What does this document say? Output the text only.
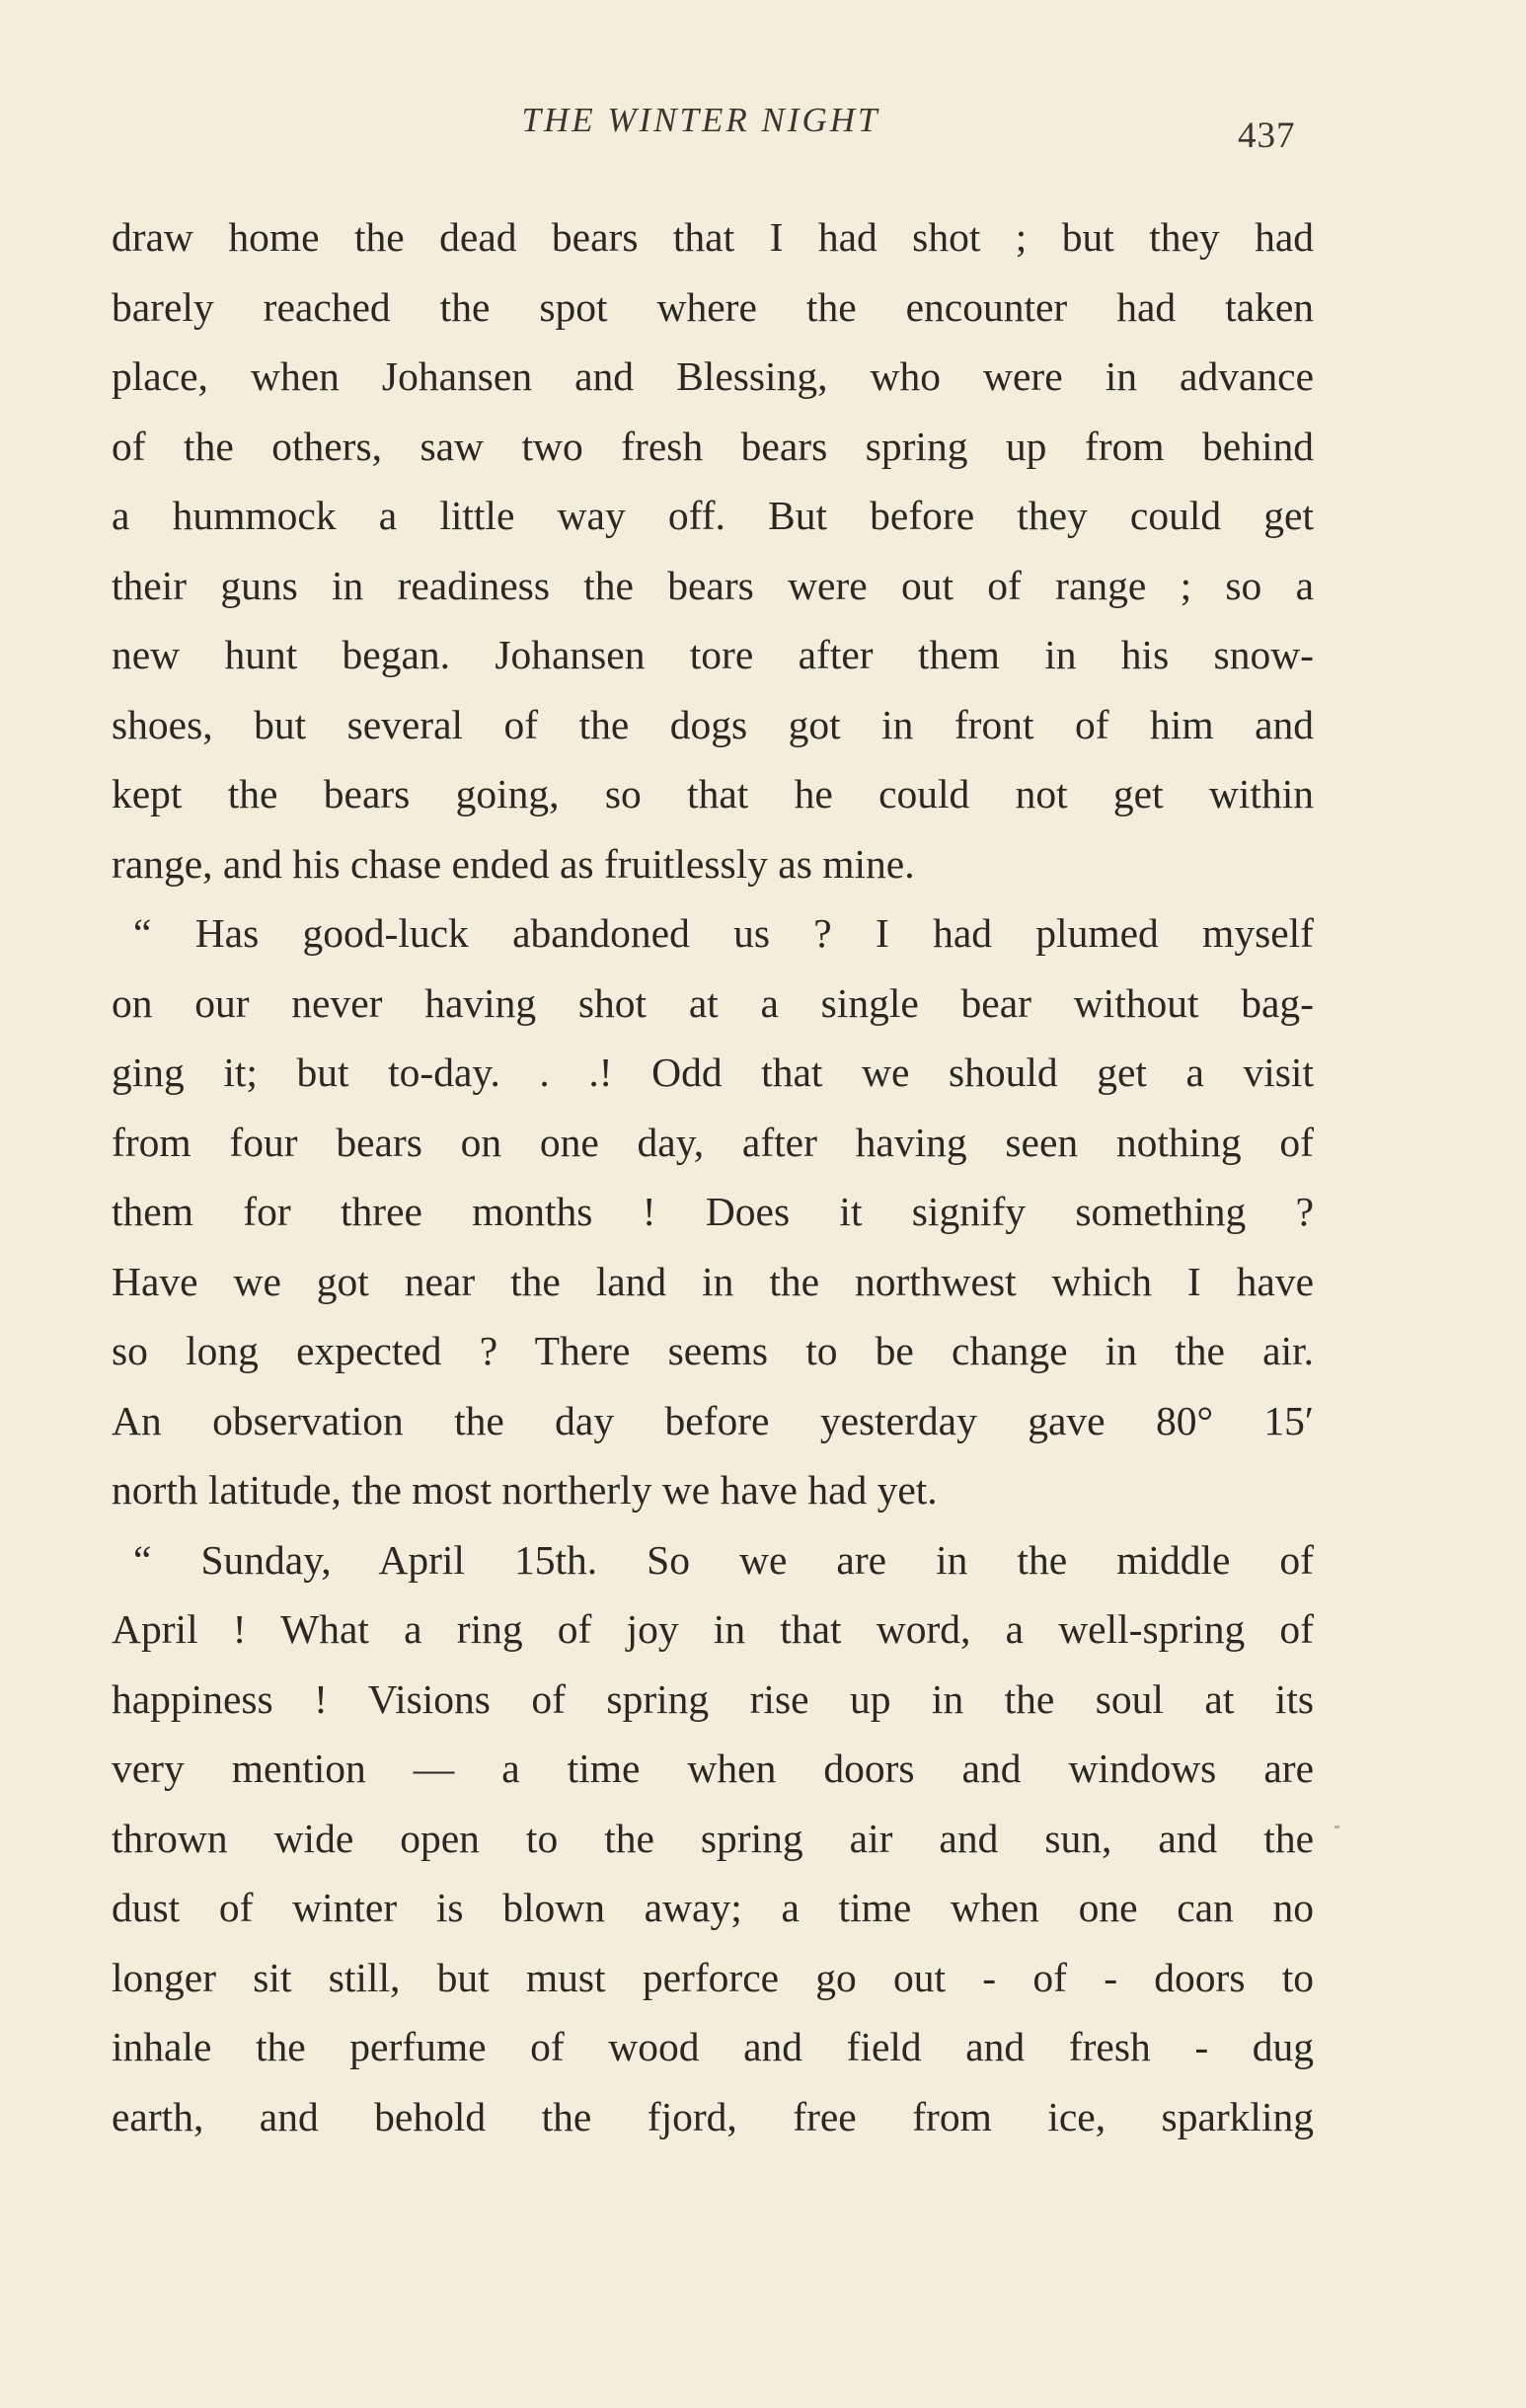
THE WINTER NIGHT	437
draw home the dead bears that I had shot ; but they had
barely reached the spot where the encounter had taken
place, when Johansen and Blessing, who were in advance
of the others, saw two fresh bears spring up from behind
a hummock a little way off. But before they could get
their guns in readiness the bears were out of range ; so a
new hunt began. Johansen tore after them in his snow-
shoes, but several of the dogs got in front of him and
kept the bears going, so that he could not get within
range, and his chase ended as fruitlessly as mine.
“ Has good-luck abandoned us ? I had plumed myself
on our never having shot at a single bear without bag-
ging it; but to-day. . .! Odd that we should get a visit
from four bears on one day, after having seen nothing of
them for three months ! Does it signify something ?
Have we got near the land in the northwest which I have
so long expected ? There seems to be change in the air.
An observation the day before yesterday gave 80° 15′
north latitude, the most northerly we have had yet.
“ Sunday, April 15th. So we are in the middle of
April ! What a ring of joy in that word, a well-spring of
happiness ! Visions of spring rise up in the soul at its
very mention — a time when doors and windows are
thrown wide open to the spring air and sun, and the
dust of winter is blown away; a time when one can no
longer sit still, but must perforce go out - of - doors to
inhale the perfume of wood and field and fresh - dug
earth, and behold the fjord, free from ice, sparkling
